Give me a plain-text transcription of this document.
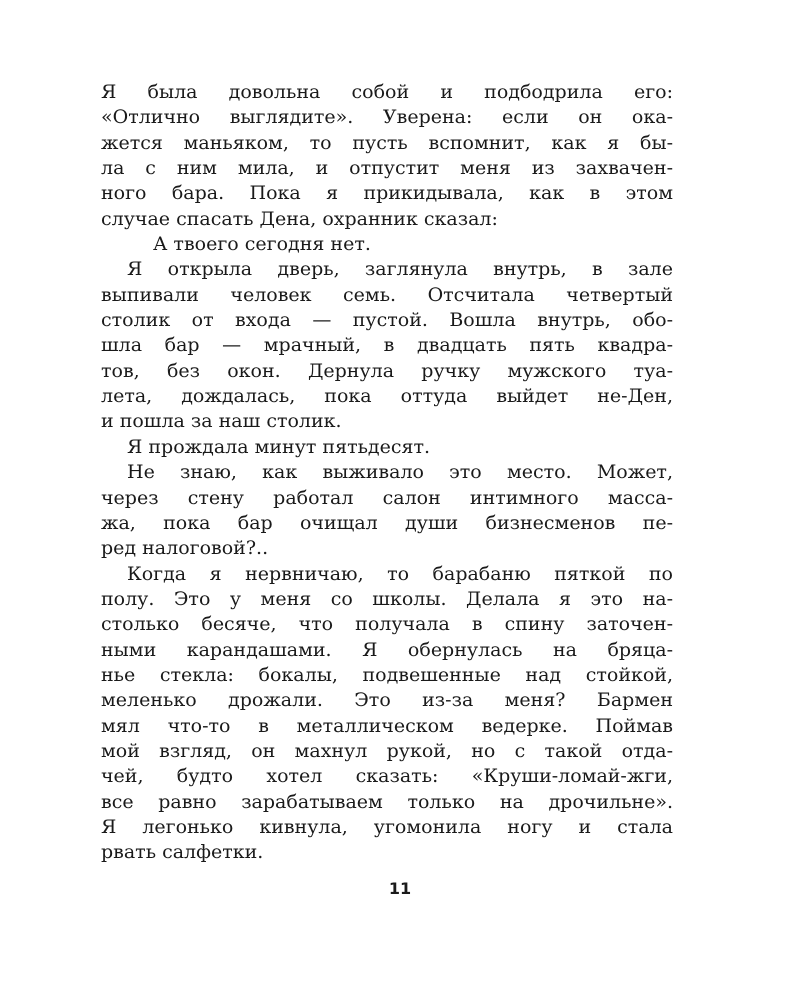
Я была довольна собой и подбодрила его:
«Отлично выглядите». Уверена: если он ока-
жется маньяком, то пусть вспомнит, как я бы-
ла с ним мила, и отпустит меня из захвачен-
ного бара. Пока я прикидывала, как в этом
случае спасать Дена, охранник сказал:
А твоего сегодня нет.
Я открыла дверь, заглянула внутрь, в зале
выпивали человек семь. Отсчитала четвертый
столик от входа — пустой. Вошла внутрь, обо-
шла бар — мрачный, в двадцать пять квадра-
тов, без окон. Дернула ручку мужского туа-
лета, дождалась, пока оттуда выйдет не-Ден,
и пошла за наш столик.
Я прождала минут пятьдесят.
Не знаю, как выживало это место. Может,
через стену работал салон интимного масса-
жа, пока бар очищал души бизнесменов пе-
ред налоговой?..
Когда я нервничаю, то барабаню пяткой по
полу. Это у меня со школы. Делала я это на-
столько бесяче, что получала в спину заточен-
ными карандашами. Я обернулась на бряца-
нье стекла: бокалы, подвешенные над стойкой,
меленько дрожали. Это из-за меня? Бармен
мял что-то в металлическом ведерке. Поймав
мой взгляд, он махнул рукой, но с такой отда-
чей, будто хотел сказать: «Круши-ломай-жги,
все равно зарабатываем только на дрочильне».
Я легонько кивнула, угомонила ногу и стала
рвать салфетки.
11
